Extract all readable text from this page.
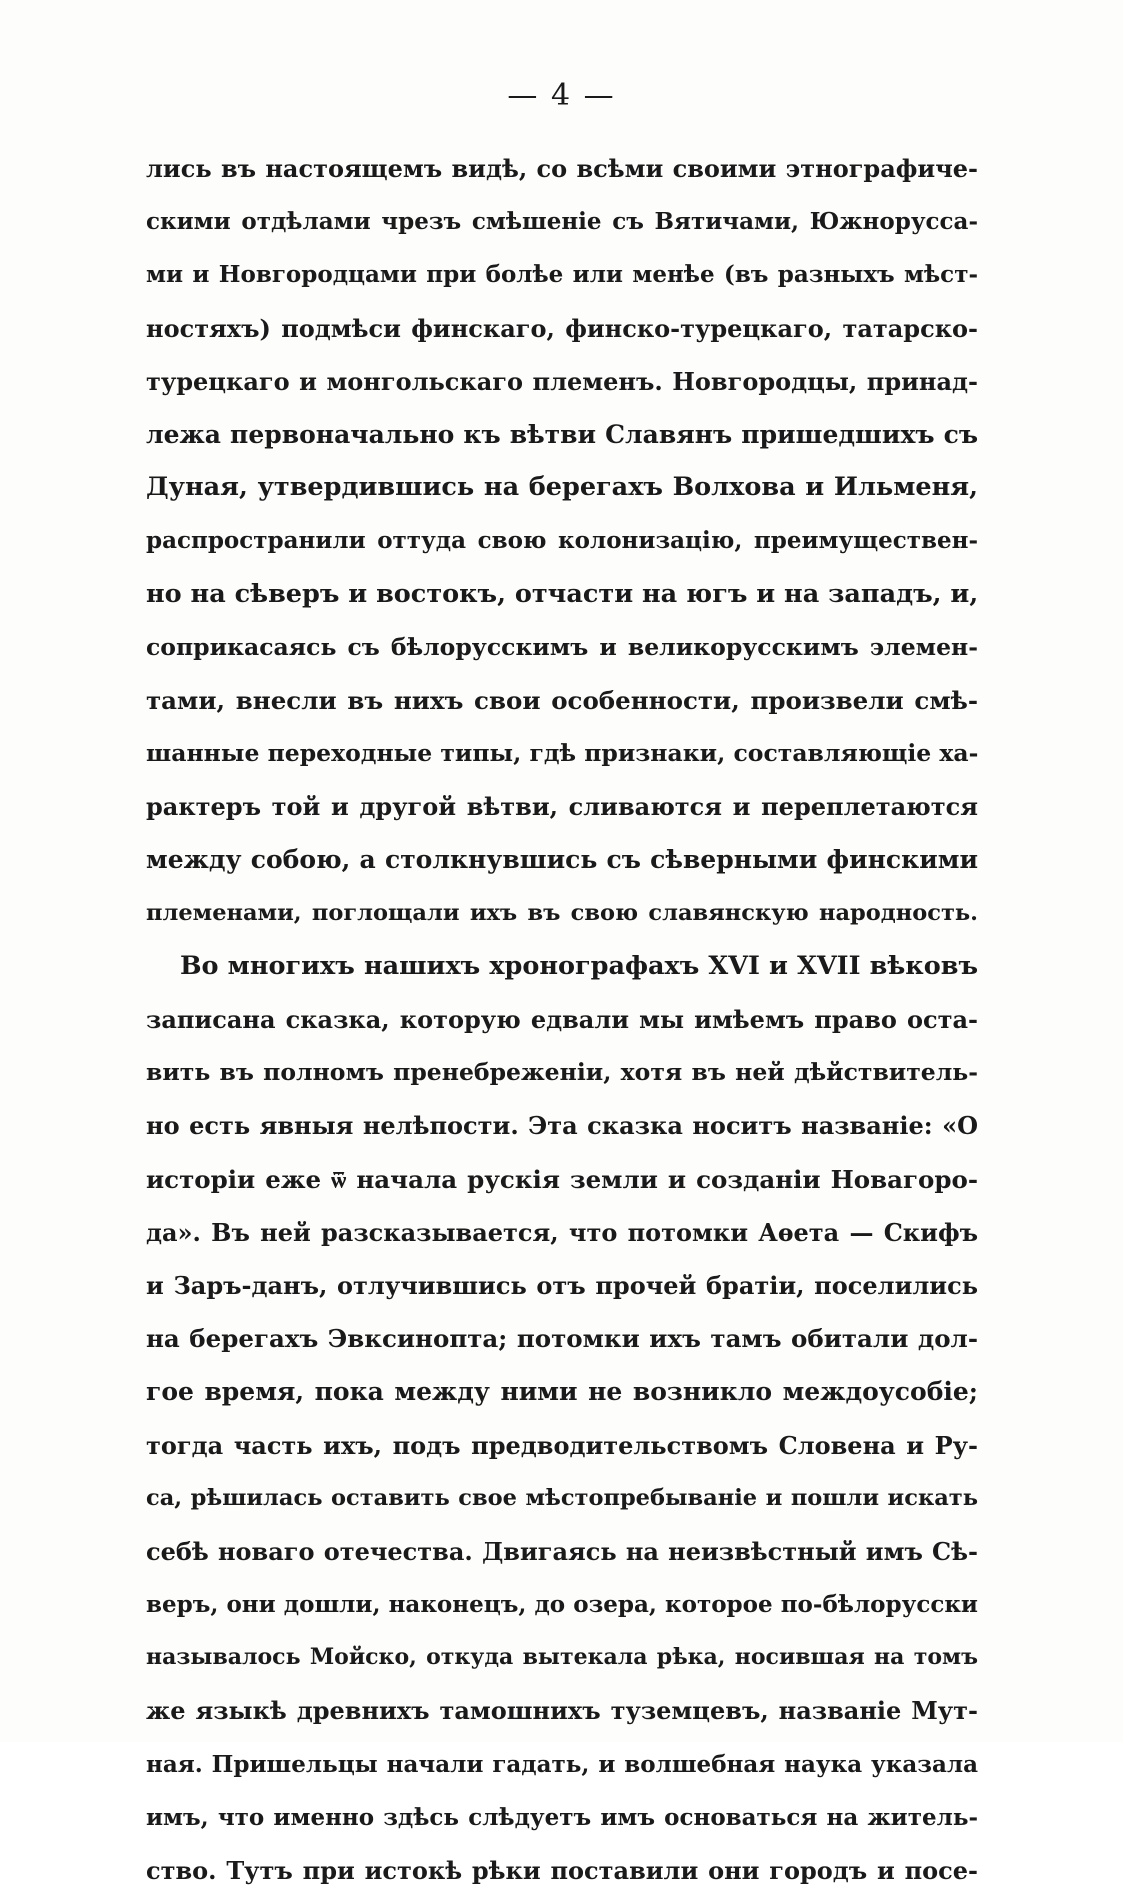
— 4 —
лись въ настоящемъ видѣ, со всѣми своими этнографиче-
скими отдѣлами чрезъ смѣшеніе съ Вятичами, Южнорусса-
ми и Новгородцами при болѣе или менѣе (въ разныхъ мѣст-
ностяхъ) подмѣси финскаго, финско-турецкаго, татарско-
турецкаго и монгольскаго племенъ. Новгородцы, принад-
лежа первоначально къ вѣтви Славянъ пришедшихъ съ
Дуная, утвердившись на берегахъ Волхова и Ильменя,
распространили оттуда свою колонизацію, преимуществен-
но на сѣверъ и востокъ, отчасти на югъ и на западъ, и,
соприкасаясь съ бѣлорусскимъ и великорусскимъ элемен-
тами, внесли въ нихъ свои особенности, произвели смѣ-
шанные переходные типы, гдѣ признаки, составляющіе ха-
рактеръ той и другой вѣтви, сливаются и переплетаются
между собою, а столкнувшись съ сѣверными финскими
племенами, поглощали ихъ въ свою славянскую народность.
Во многихъ нашихъ хронографахъ XVI и XVII вѣковъ
записана сказка, которую едвали мы имѣемъ право оста-
вить въ полномъ пренебреженіи, хотя въ ней дѣйствитель-
но есть явныя нелѣпости. Эта сказка носитъ названіе: «О
исторіи еже ѿ начала рускія земли и созданіи Новагоро-
да». Въ ней разсказывается, что потомки Аѳета — Скифъ
и Заръ-данъ, отлучившись отъ прочей братіи, поселились
на берегахъ Эвксинопта; потомки ихъ тамъ обитали дол-
гое время, пока между ними не возникло междоусобіе;
тогда часть ихъ, подъ предводительствомъ Словена и Ру-
са, рѣшилась оставить свое мѣстопребываніе и пошли искать
себѣ новаго отечества. Двигаясь на неизвѣстный имъ Сѣ-
веръ, они дошли, наконецъ, до озера, которое по-бѣлорусски
называлось Мойско, откуда вытекала рѣка, носившая на томъ
же языкѣ древнихъ тамошнихъ туземцевъ, названіе Мут-
ная. Пришельцы начали гадать, и волшебная наука указала
имъ, что именно здѣсь слѣдуетъ имъ основаться на житель-
ство. Тутъ при истокѣ рѣки поставили они городъ и посе-
